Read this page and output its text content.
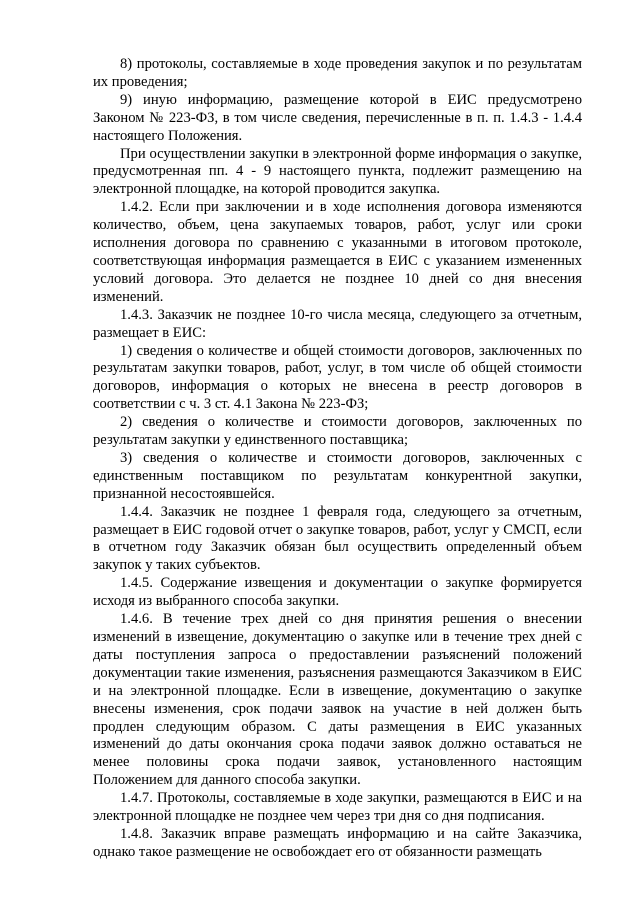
8) протоколы, составляемые в ходе проведения закупок и по результатам их проведения;

9) иную информацию, размещение которой в ЕИС предусмотрено Законом № 223-ФЗ, в том числе сведения, перечисленные в п. п. 1.4.3 - 1.4.4 настоящего Положения.

При осуществлении закупки в электронной форме информация о закупке, предусмотренная пп. 4 - 9 настоящего пункта, подлежит размещению на электронной площадке, на которой проводится закупка.

1.4.2. Если при заключении и в ходе исполнения договора изменяются количество, объем, цена закупаемых товаров, работ, услуг или сроки исполнения договора по сравнению с указанными в итоговом протоколе, соответствующая информация размещается в ЕИС с указанием измененных условий договора. Это делается не позднее 10 дней со дня внесения изменений.

1.4.3. Заказчик не позднее 10-го числа месяца, следующего за отчетным, размещает в ЕИС:

1) сведения о количестве и общей стоимости договоров, заключенных по результатам закупки товаров, работ, услуг, в том числе об общей стоимости договоров, информация о которых не внесена в реестр договоров в соответствии с ч. 3 ст. 4.1 Закона № 223-ФЗ;

2) сведения о количестве и стоимости договоров, заключенных по результатам закупки у единственного поставщика;

3) сведения о количестве и стоимости договоров, заключенных с единственным поставщиком по результатам конкурентной закупки, признанной несостоявшейся.

1.4.4. Заказчик не позднее 1 февраля года, следующего за отчетным, размещает в ЕИС годовой отчет о закупке товаров, работ, услуг у СМСП, если в отчетном году Заказчик обязан был осуществить определенный объем закупок у таких субъектов.

1.4.5. Содержание извещения и документации о закупке формируется исходя из выбранного способа закупки.

1.4.6. В течение трех дней со дня принятия решения о внесении изменений в извещение, документацию о закупке или в течение трех дней с даты поступления запроса о предоставлении разъяснений положений документации такие изменения, разъяснения размещаются Заказчиком в ЕИС и на электронной площадке. Если в извещение, документацию о закупке внесены изменения, срок подачи заявок на участие в ней должен быть продлен следующим образом. С даты размещения в ЕИС указанных изменений до даты окончания срока подачи заявок должно оставаться не менее половины срока подачи заявок, установленного настоящим Положением для данного способа закупки.

1.4.7. Протоколы, составляемые в ходе закупки, размещаются в ЕИС и на электронной площадке не позднее чем через три дня со дня подписания.

1.4.8. Заказчик вправе размещать информацию и на сайте Заказчика, однако такое размещение не освобождает его от обязанности размещать
